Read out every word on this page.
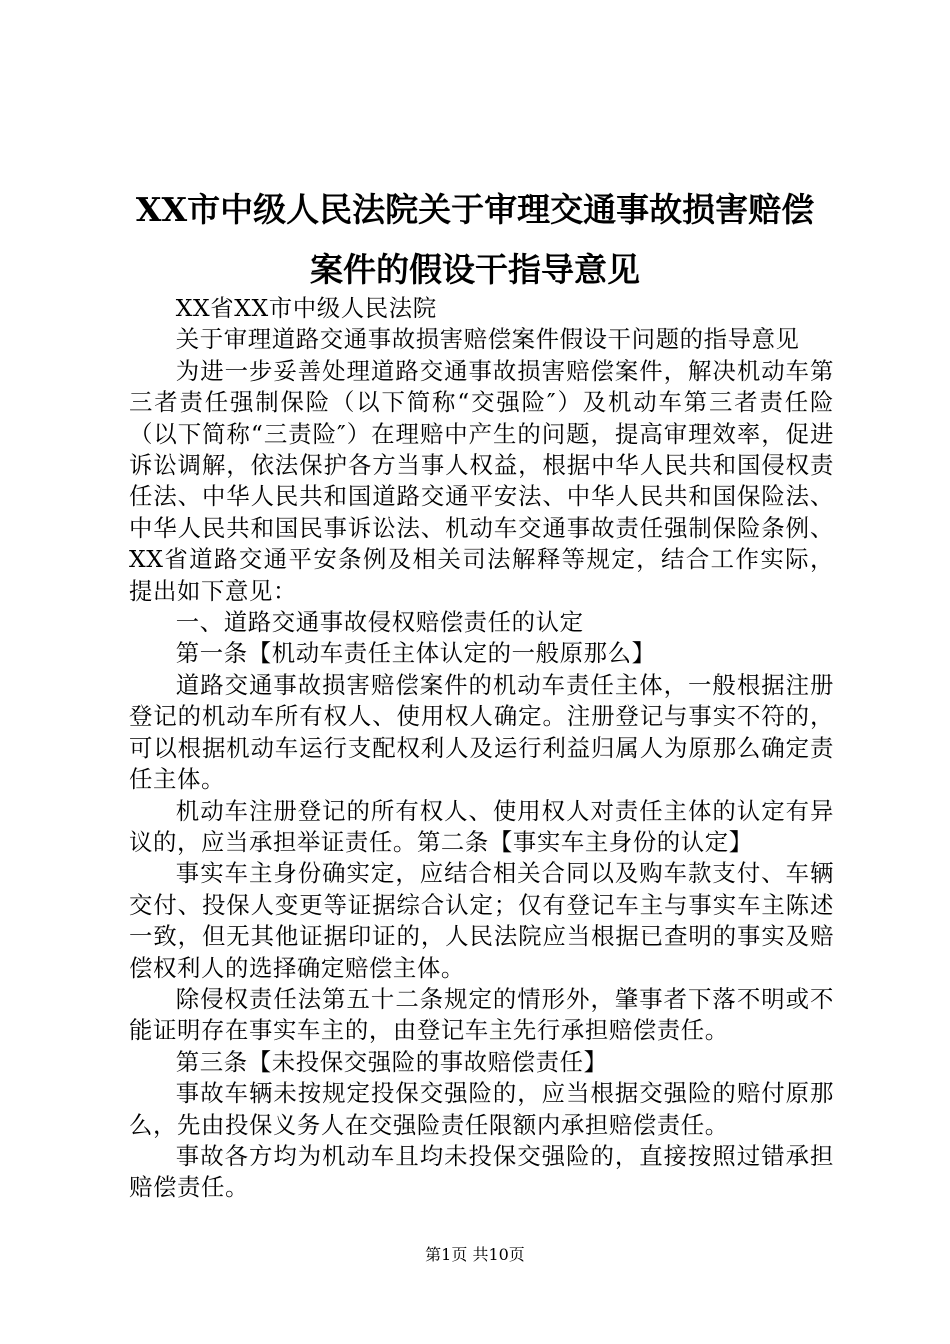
XX市中级人民法院关于审理交通事故损害赔偿案件的假设干指导意见

XX省XX市中级人民法院

关于审理道路交通事故损害赔偿案件假设干问题的指导意见

为进一步妥善处理道路交通事故损害赔偿案件，解决机动车第三者责任强制保险（以下简称“交强险″）及机动车第三者责任险（以下简称“三责险″）在理赔中产生的问题，提高审理效率，促进诉讼调解，依法保护各方当事人权益，根据中华人民共和国侵权责任法、中华人民共和国道路交通平安法、中华人民共和国保险法、中华人民共和国民事诉讼法、机动车交通事故责任强制保险条例、XX省道路交通平安条例及相关司法解释等规定，结合工作实际，提出如下意见：

一、道路交通事故侵权赔偿责任的认定

第一条【机动车责任主体认定的一般原那么】

道路交通事故损害赔偿案件的机动车责任主体，一般根据注册登记的机动车所有权人、使用权人确定。注册登记与事实不符的，可以根据机动车运行支配权利人及运行利益归属人为原那么确定责任主体。

机动车注册登记的所有权人、使用权人对责任主体的认定有异议的，应当承担举证责任。第二条【事实车主身份的认定】

事实车主身份确实定，应结合相关合同以及购车款支付、车辆交付、投保人变更等证据综合认定；仅有登记车主与事实车主陈述一致，但无其他证据印证的，人民法院应当根据已查明的事实及赔偿权利人的选择确定赔偿主体。

除侵权责任法第五十二条规定的情形外，肇事者下落不明或不能证明存在事实车主的，由登记车主先行承担赔偿责任。

第三条【未投保交强险的事故赔偿责任】

事故车辆未按规定投保交强险的，应当根据交强险的赔付原那么，先由投保义务人在交强险责任限额内承担赔偿责任。

事故各方均为机动车且均未投保交强险的，直接按照过错承担赔偿责任。

第1页 共10页
